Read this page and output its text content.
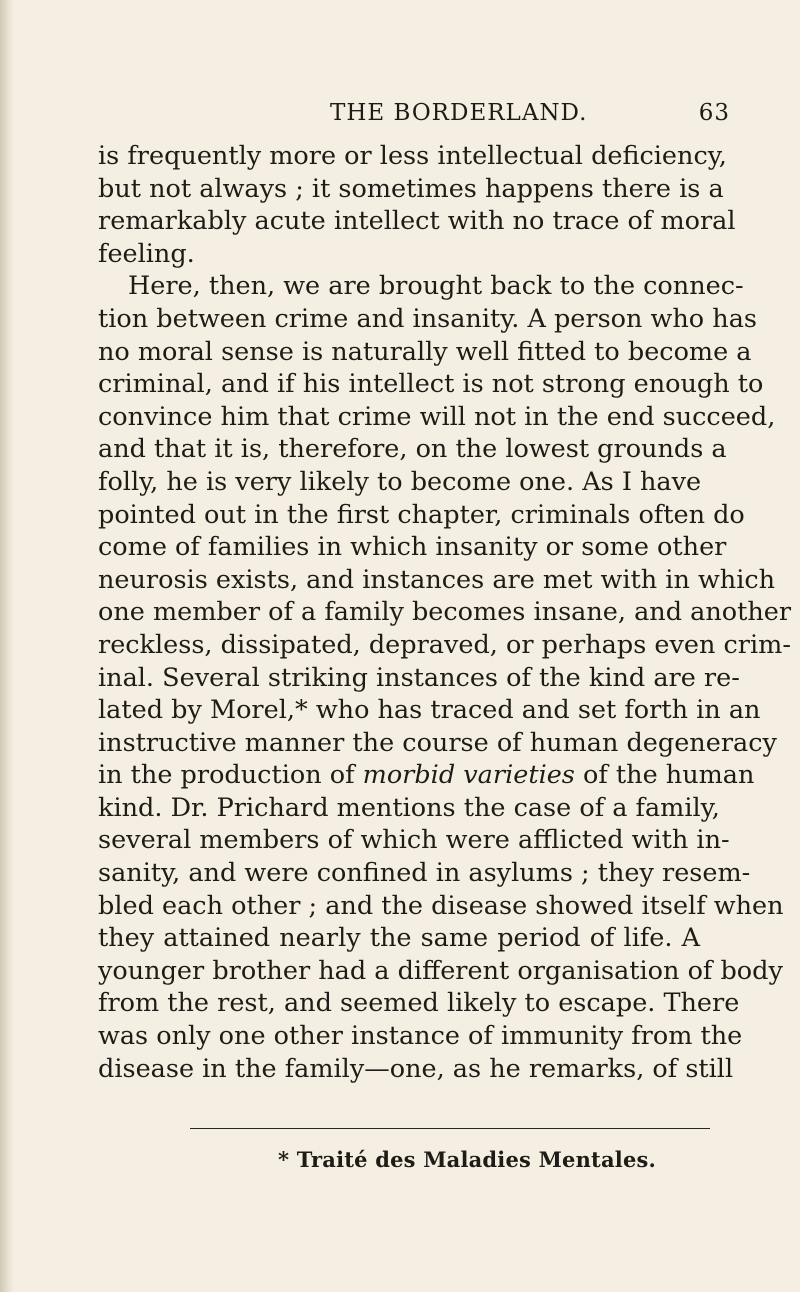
THE BORDERLAND.	63
is frequently more or less intellectual deficiency,
but not always ; it sometimes happens there is a
remarkably acute intellect with no trace of moral
feeling.
Here, then, we are brought back to the connec-
tion between crime and insanity. A person who has
no moral sense is naturally well fitted to become a
criminal, and if his intellect is not strong enough to
convince him that crime will not in the end succeed,
and that it is, therefore, on the lowest grounds a
folly, he is very likely to become one. As I have
pointed out in the first chapter, criminals often do
come of families in which insanity or some other
neurosis exists, and instances are met with in which
one member of a family becomes insane, and another
reckless, dissipated, depraved, or perhaps even crim-
inal. Several striking instances of the kind are re-
lated by Morel,* who has traced and set forth in an
instructive manner the course of human degeneracy
in the production of morbid varieties of the human
kind. Dr. Prichard mentions the case of a family,
several members of which were afflicted with in-
sanity, and were confined in asylums ; they resem-
bled each other ; and the disease showed itself when
they attained nearly the same period of life. A
younger brother had a different organisation of body
from the rest, and seemed likely to escape. There
was only one other instance of immunity from the
disease in the family—one, as he remarks, of still
* Traité des Maladies Mentales.
